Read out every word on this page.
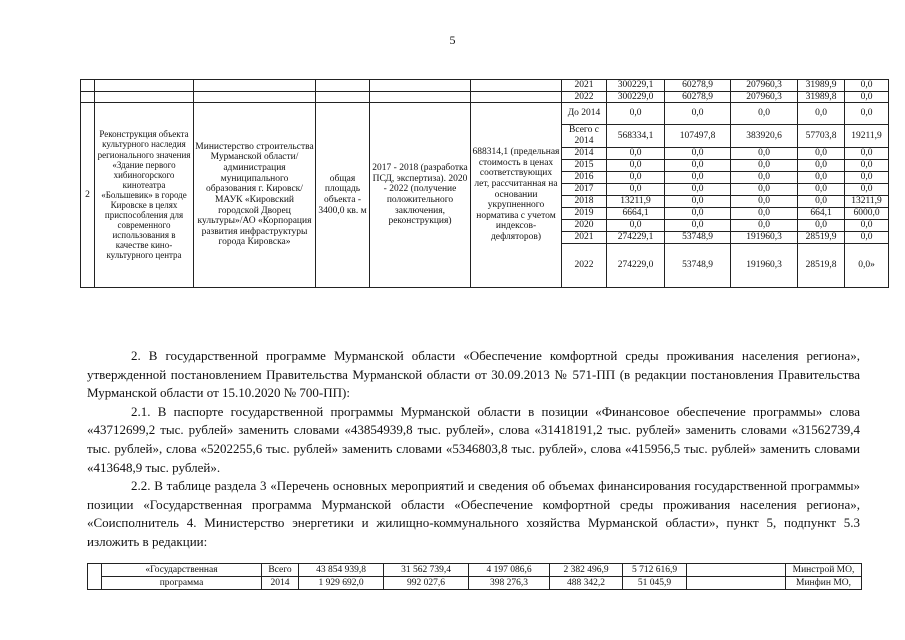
5
						2021	300229,1	60278,9	207960,3	31989,9	0,0
						2022	300229,0	60278,9	207960,3	31989,8	0,0
2	Реконструкция объекта культурного наследия регионального значения «Здание первого хибиногорского кинотеатра «Большевик» в городе Кировске в целях приспособления для современного использования в качестве кино-культурного центра	Министерство строительства Мурманской области/администрация муниципального образования г. Кировск/МАУК «Кировский городской Дворец культуры»/АО «Корпорация развития инфраструктуры города Кировска»	общая площадь объекта - 3400,0 кв. м	2017 - 2018 (разработка ПСД, экспертиза). 2020 - 2022 (получение положительного заключения, реконструкция)	688314,1 (предельная стоимость в ценах соответствующих лет, рассчитанная на основании укрупненного норматива с учетом индексов-дефляторов)	До 2014	0,0	0,0	0,0	0,0	0,0
						Всего с 2014	568334,1	107497,8	383920,6	57703,8	19211,9
						2014	0,0	0,0	0,0	0,0	0,0
						2015	0,0	0,0	0,0	0,0	0,0
						2016	0,0	0,0	0,0	0,0	0,0
						2017	0,0	0,0	0,0	0,0	0,0
						2018	13211,9	0,0	0,0	0,0	13211,9
						2019	6664,1	0,0	0,0	664,1	6000,0
						2020	0,0	0,0	0,0	0,0	0,0
						2021	274229,1	53748,9	191960,3	28519,9	0,0
						2022	274229,0	53748,9	191960,3	28519,8	0,0»

2. В государственной программе Мурманской области «Обеспечение комфортной среды проживания населения региона», утвержденной постановлением Правительства Мурманской области от 30.09.2013 № 571-ПП (в редакции постановления Правительства Мурманской области от 15.10.2020 № 700-ПП):

2.1. В паспорте государственной программы Мурманской области в позиции «Финансовое обеспечение программы» слова «43712699,2 тыс. рублей» заменить словами «43854939,8 тыс. рублей», слова «31418191,2 тыс. рублей» заменить словами «31562739,4 тыс. рублей», слова «5202255,6 тыс. рублей» заменить словами «5346803,8 тыс. рублей», слова «415956,5 тыс. рублей» заменить словами «413648,9 тыс. рублей».

2.2. В таблице раздела 3 «Перечень основных мероприятий и сведения об объемах финансирования государственной программы» позиции «Государственная программа Мурманской области «Обеспечение комфортной среды проживания населения региона», «Соисполнитель 4. Министерство энергетики и жилищно-коммунального хозяйства Мурманской области», пункт 5, подпункт 5.3 изложить в редакции:

	«Государственная	Всего	43 854 939,8	31 562 739,4	4 197 086,6	2 382 496,9	5 712 616,9		Минстрой МО,
	программа	2014	1 929 692,0	992 027,6	398 276,3	488 342,2	51 045,9		Минфин МО,
